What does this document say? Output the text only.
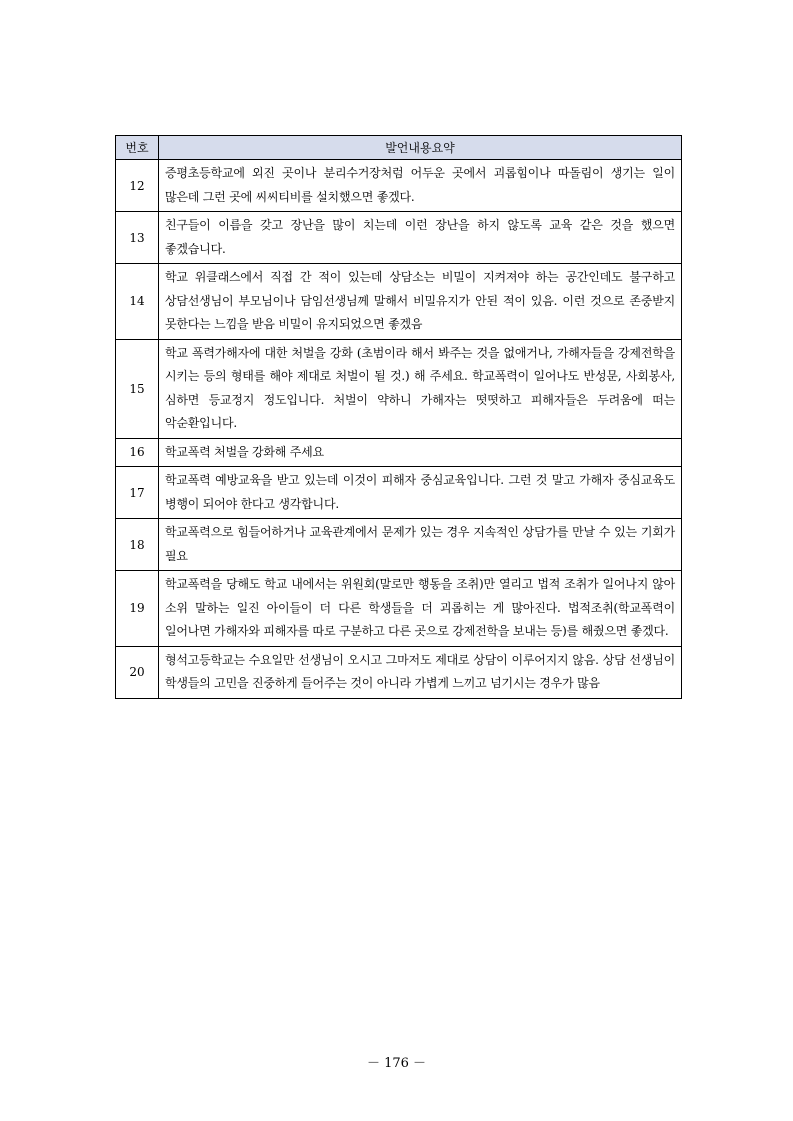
번호	발언내용요약
12	증평초등학교에 외진 곳이나 분리수거장처럼 어두운 곳에서 괴롭힘이나 따돌림이 생기는 일이 많은데 그런 곳에 씨씨티비를 설치했으면 좋겠다.
13	친구들이 이름을 갖고 장난을 많이 치는데 이런 장난을 하지 않도록 교육 같은 것을 했으면 좋겠습니다.
14	학교 위클래스에서 직접 간 적이 있는데 상담소는 비밀이 지켜져야 하는 공간인데도 불구하고 상담선생님이 부모님이나 담임선생님께 말해서 비밀유지가 안된 적이 있음. 이런 것으로 존중받지 못한다는 느낌을 받음 비밀이 유지되었으면 좋겠음
15	학교 폭력가해자에 대한 처벌을 강화 (초범이라 해서 봐주는 것을 없애거나, 가해자들을 강제전학을 시키는 등의 형태를 해야 제대로 처벌이 될 것.) 해 주세요. 학교폭력이 일어나도 반성문, 사회봉사, 심하면 등교정지 정도입니다. 처벌이 약하니 가해자는 떳떳하고 피해자들은 두려움에 떠는 악순환입니다.
16	학교폭력 처벌을 강화해 주세요
17	학교폭력 예방교육을 받고 있는데 이것이 피해자 중심교육입니다. 그런 것 말고 가해자 중심교육도 병행이 되어야 한다고 생각합니다.
18	학교폭력으로 힘들어하거나 교육관계에서 문제가 있는 경우 지속적인 상담가를 만날 수 있는 기회가 필요
19	학교폭력을 당해도 학교 내에서는 위원회(말로만 행동을 조취)만 열리고 법적 조취가 일어나지 않아 소위 말하는 일진 아이들이 더 다른 학생들을 더 괴롭히는 게 많아진다. 법적조취(학교폭력이 일어나면 가해자와 피해자를 따로 구분하고 다른 곳으로 강제전학을 보내는 등)를 해줬으면 좋겠다.
20	형석고등학교는 수요일만 선생님이 오시고 그마저도 제대로 상담이 이루어지지 않음. 상담 선생님이 학생들의 고민을 진중하게 들어주는 것이 아니라 가볍게 느끼고 넘기시는 경우가 많음
－ 176 －
